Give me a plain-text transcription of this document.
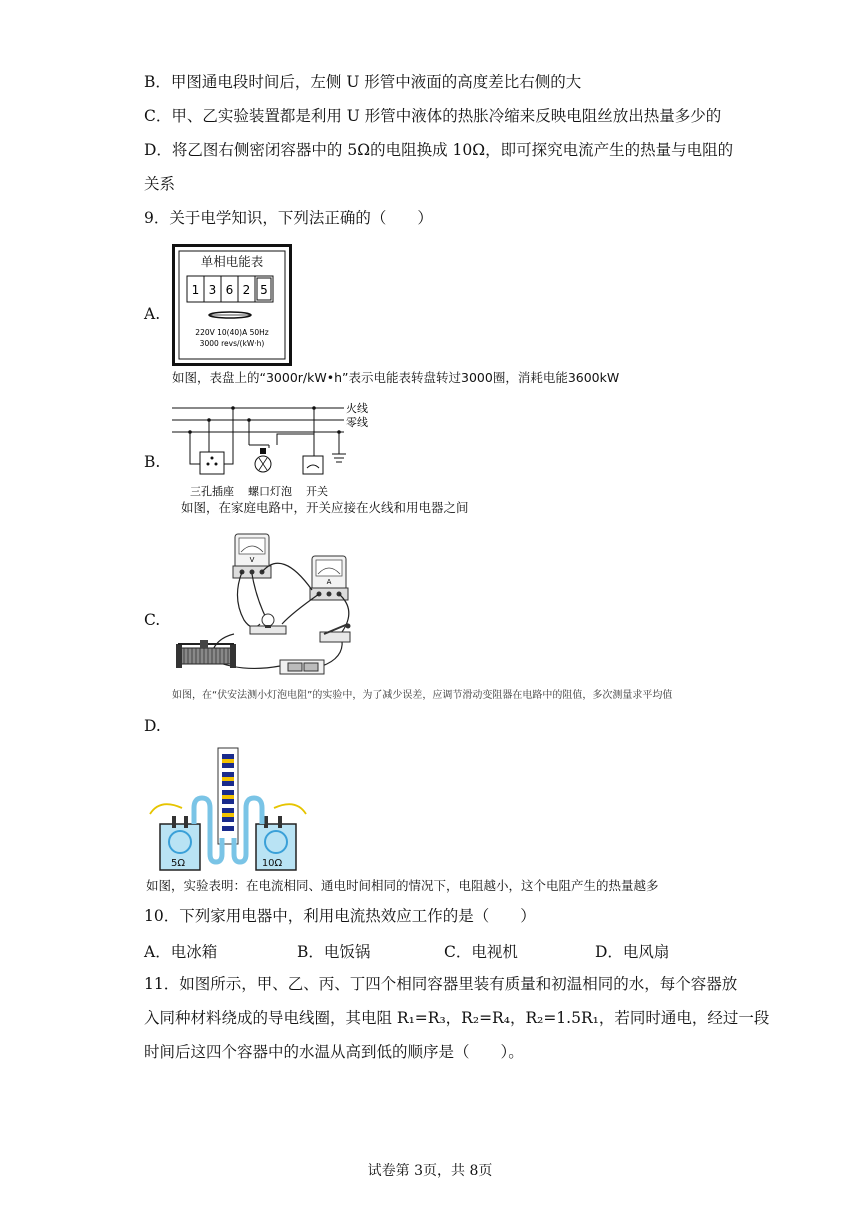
B．甲图通电段时间后，左侧 U 形管中液面的高度差比右侧的大
C．甲、乙实验装置都是利用 U 形管中液体的热胀冷缩来反映电阻丝放出热量多少的
D．将乙图右侧密闭容器中的 5Ω的电阻换成 10Ω，即可探究电流产生的热量与电阻的
关系
9．关于电学知识，下列法正确的（　　）
A.
单相电能表
1 3 6 2 5
220V 10(40)A 50Hz
3000 revs/(kW·h)
如图，表盘上的“3000r/kW•h”表示电能表转盘转过3000圈，消耗电能3600kW
B.
火线
零线
三孔插座 螺口灯泡 开关
如图，在家庭电路中，开关应接在火线和用电器之间
C.
V
A
如图，在“伏安法测小灯泡电阻”的实验中，为了减少误差，应调节滑动变阻器在电路中的阻值，多次测量求平均值
D.
5Ω	10Ω
如图，实验表明：在电流相同、通电时间相同的情况下，电阻越小，这个电阻产生的热量越多
10．下列家用电器中，利用电流热效应工作的是（　　）
A．电冰箱	B．电饭锅	C．电视机	D．电风扇
11．如图所示，甲、乙、丙、丁四个相同容器里装有质量和初温相同的水，每个容器放
入同种材料绕成的导电线圈，其电阻 R₁=R₃，R₂=R₄，R₂=1.5R₁，若同时通电，经过一段
时间后这四个容器中的水温从高到低的顺序是（　　）。
试卷第 3页，共 8页
